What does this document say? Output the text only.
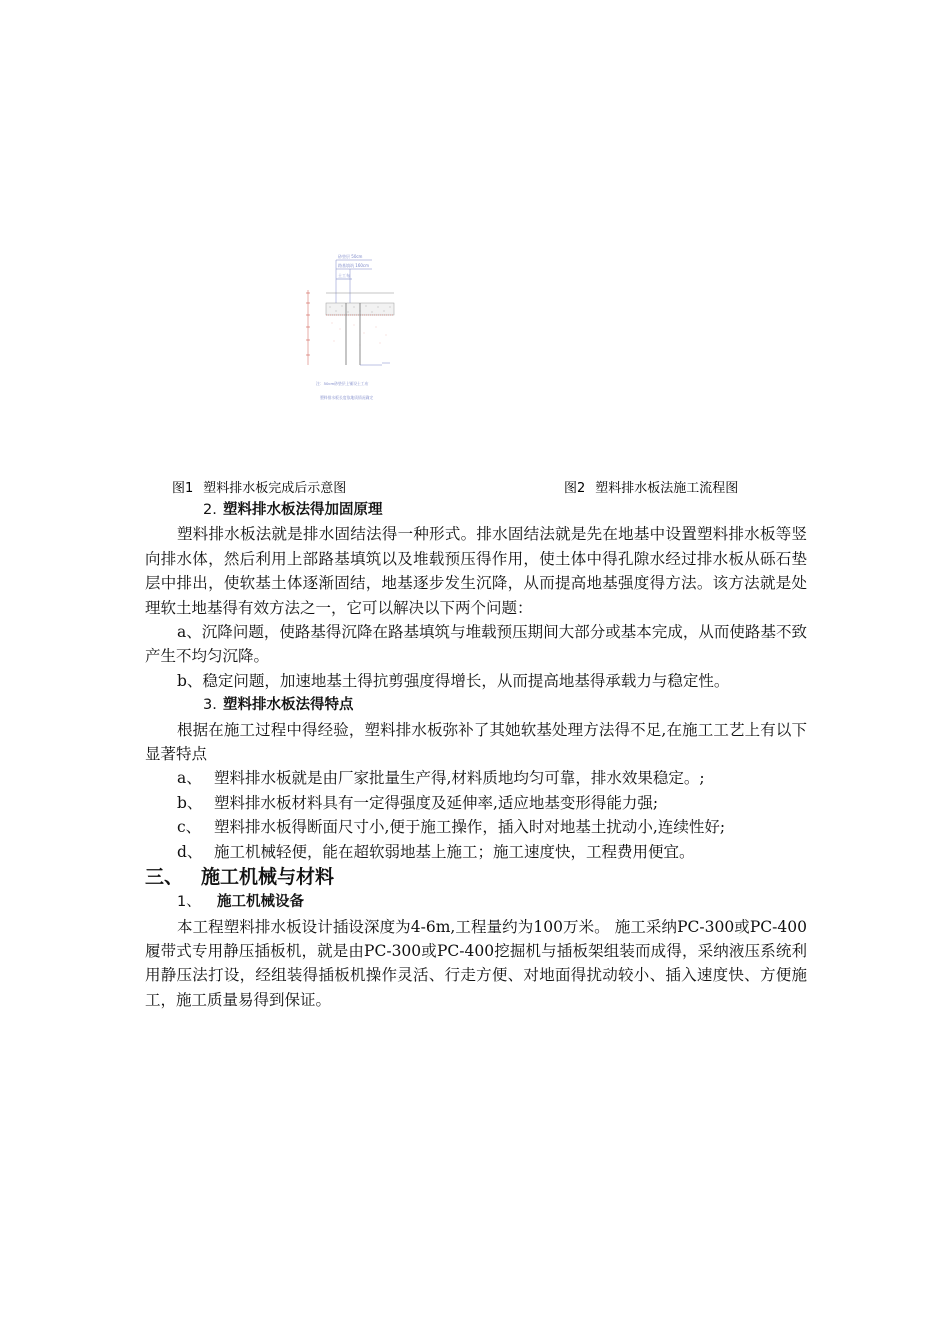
砂垫层 50cm
路基填筑 160cm
土工布
注：50cm砂垫层上铺设土工布
塑料排水板长度依地质情况确定
图1 塑料排水板完成后示意图	图2 塑料排水板法施工流程图

2. 塑料排水板法得加固原理

塑料排水板法就是排水固结法得一种形式。排水固结法就是先在地基中设置塑料排水板等竖向排水体，然后利用上部路基填筑以及堆载预压得作用，使土体中得孔隙水经过排水板从砾石垫层中排出，使软基土体逐渐固结，地基逐步发生沉降，从而提高地基强度得方法。该方法就是处理软土地基得有效方法之一，它可以解决以下两个问题：

a、沉降问题，使路基得沉降在路基填筑与堆载预压期间大部分或基本完成，从而使路基不致产生不均匀沉降。

b、稳定问题，加速地基土得抗剪强度得增长，从而提高地基得承载力与稳定性。

3. 塑料排水板法得特点

根据在施工过程中得经验，塑料排水板弥补了其她软基处理方法得不足,在施工工艺上有以下显著特点

a、 塑料排水板就是由厂家批量生产得,材料质地均匀可靠，排水效果稳定。;

b、 塑料排水板材料具有一定得强度及延伸率,适应地基变形得能力强;

c、 塑料排水板得断面尺寸小,便于施工操作，插入时对地基土扰动小,连续性好;

d、 施工机械轻便，能在超软弱地基上施工；施工速度快，工程费用便宜。

三、 施工机械与材料

1、 施工机械设备

本工程塑料排水板设计插设深度为4-6m,工程量约为100万米。 施工采纳PC-300或PC-400履带式专用静压插板机，就是由PC-300或PC-400挖掘机与插板架组装而成得，采纳液压系统利用静压法打设，经组装得插板机操作灵活、行走方便、对地面得扰动较小、插入速度快、方便施工，施工质量易得到保证。
